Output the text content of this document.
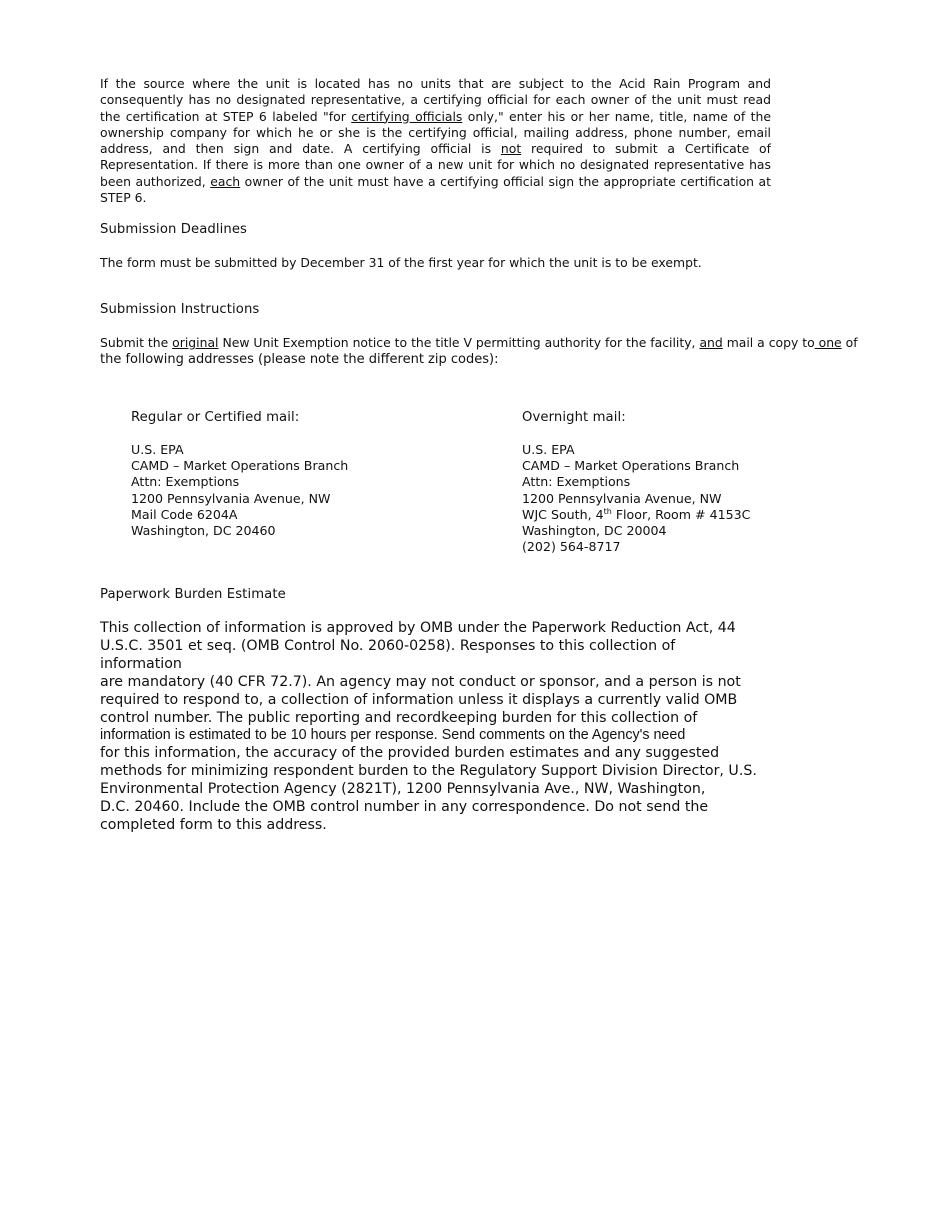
If the source where the unit is located has no units that are subject to the Acid Rain Program and consequently has no designated representative, a certifying official for each owner of the unit must read the certification at STEP 6 labeled "for certifying officials only," enter his or her name, title, name of the ownership company for which he or she is the certifying official, mailing address, phone number, email address, and then sign and date. A certifying official is not required to submit a Certificate of Representation. If there is more than one owner of a new unit for which no designated representative has been authorized, each owner of the unit must have a certifying official sign the appropriate certification at STEP 6.
Submission Deadlines
The form must be submitted by December 31 of the first year for which the unit is to be exempt.
Submission Instructions
Submit the original New Unit Exemption notice to the title V permitting authority for the facility, and mail a copy to one of
the following addresses (please note the different zip codes):
Regular or Certified mail:
U.S. EPA
CAMD – Market Operations Branch
Attn: Exemptions
1200 Pennsylvania Avenue, NW
Mail Code 6204A
Washington, DC 20460
Overnight mail:
U.S. EPA
CAMD – Market Operations Branch
Attn: Exemptions
1200 Pennsylvania Avenue, NW
WJC South, 4th Floor, Room # 4153C
Washington, DC 20004
(202) 564-8717
Paperwork Burden Estimate
This collection of information is approved by OMB under the Paperwork Reduction Act, 44
U.S.C. 3501 et seq. (OMB Control No. 2060-0258). Responses to this collection of information
are mandatory (40 CFR 72.7). An agency may not conduct or sponsor, and a person is not
required to respond to, a collection of information unless it displays a currently valid OMB
control number. The public reporting and recordkeeping burden for this collection of
information is estimated to be 10 hours per response. Send comments on the Agency's need
for this information, the accuracy of the provided burden estimates and any suggested
methods for minimizing respondent burden to the Regulatory Support Division Director, U.S.
Environmental Protection Agency (2821T), 1200 Pennsylvania Ave., NW, Washington,
D.C. 20460. Include the OMB control number in any correspondence. Do not send the
completed form to this address.
